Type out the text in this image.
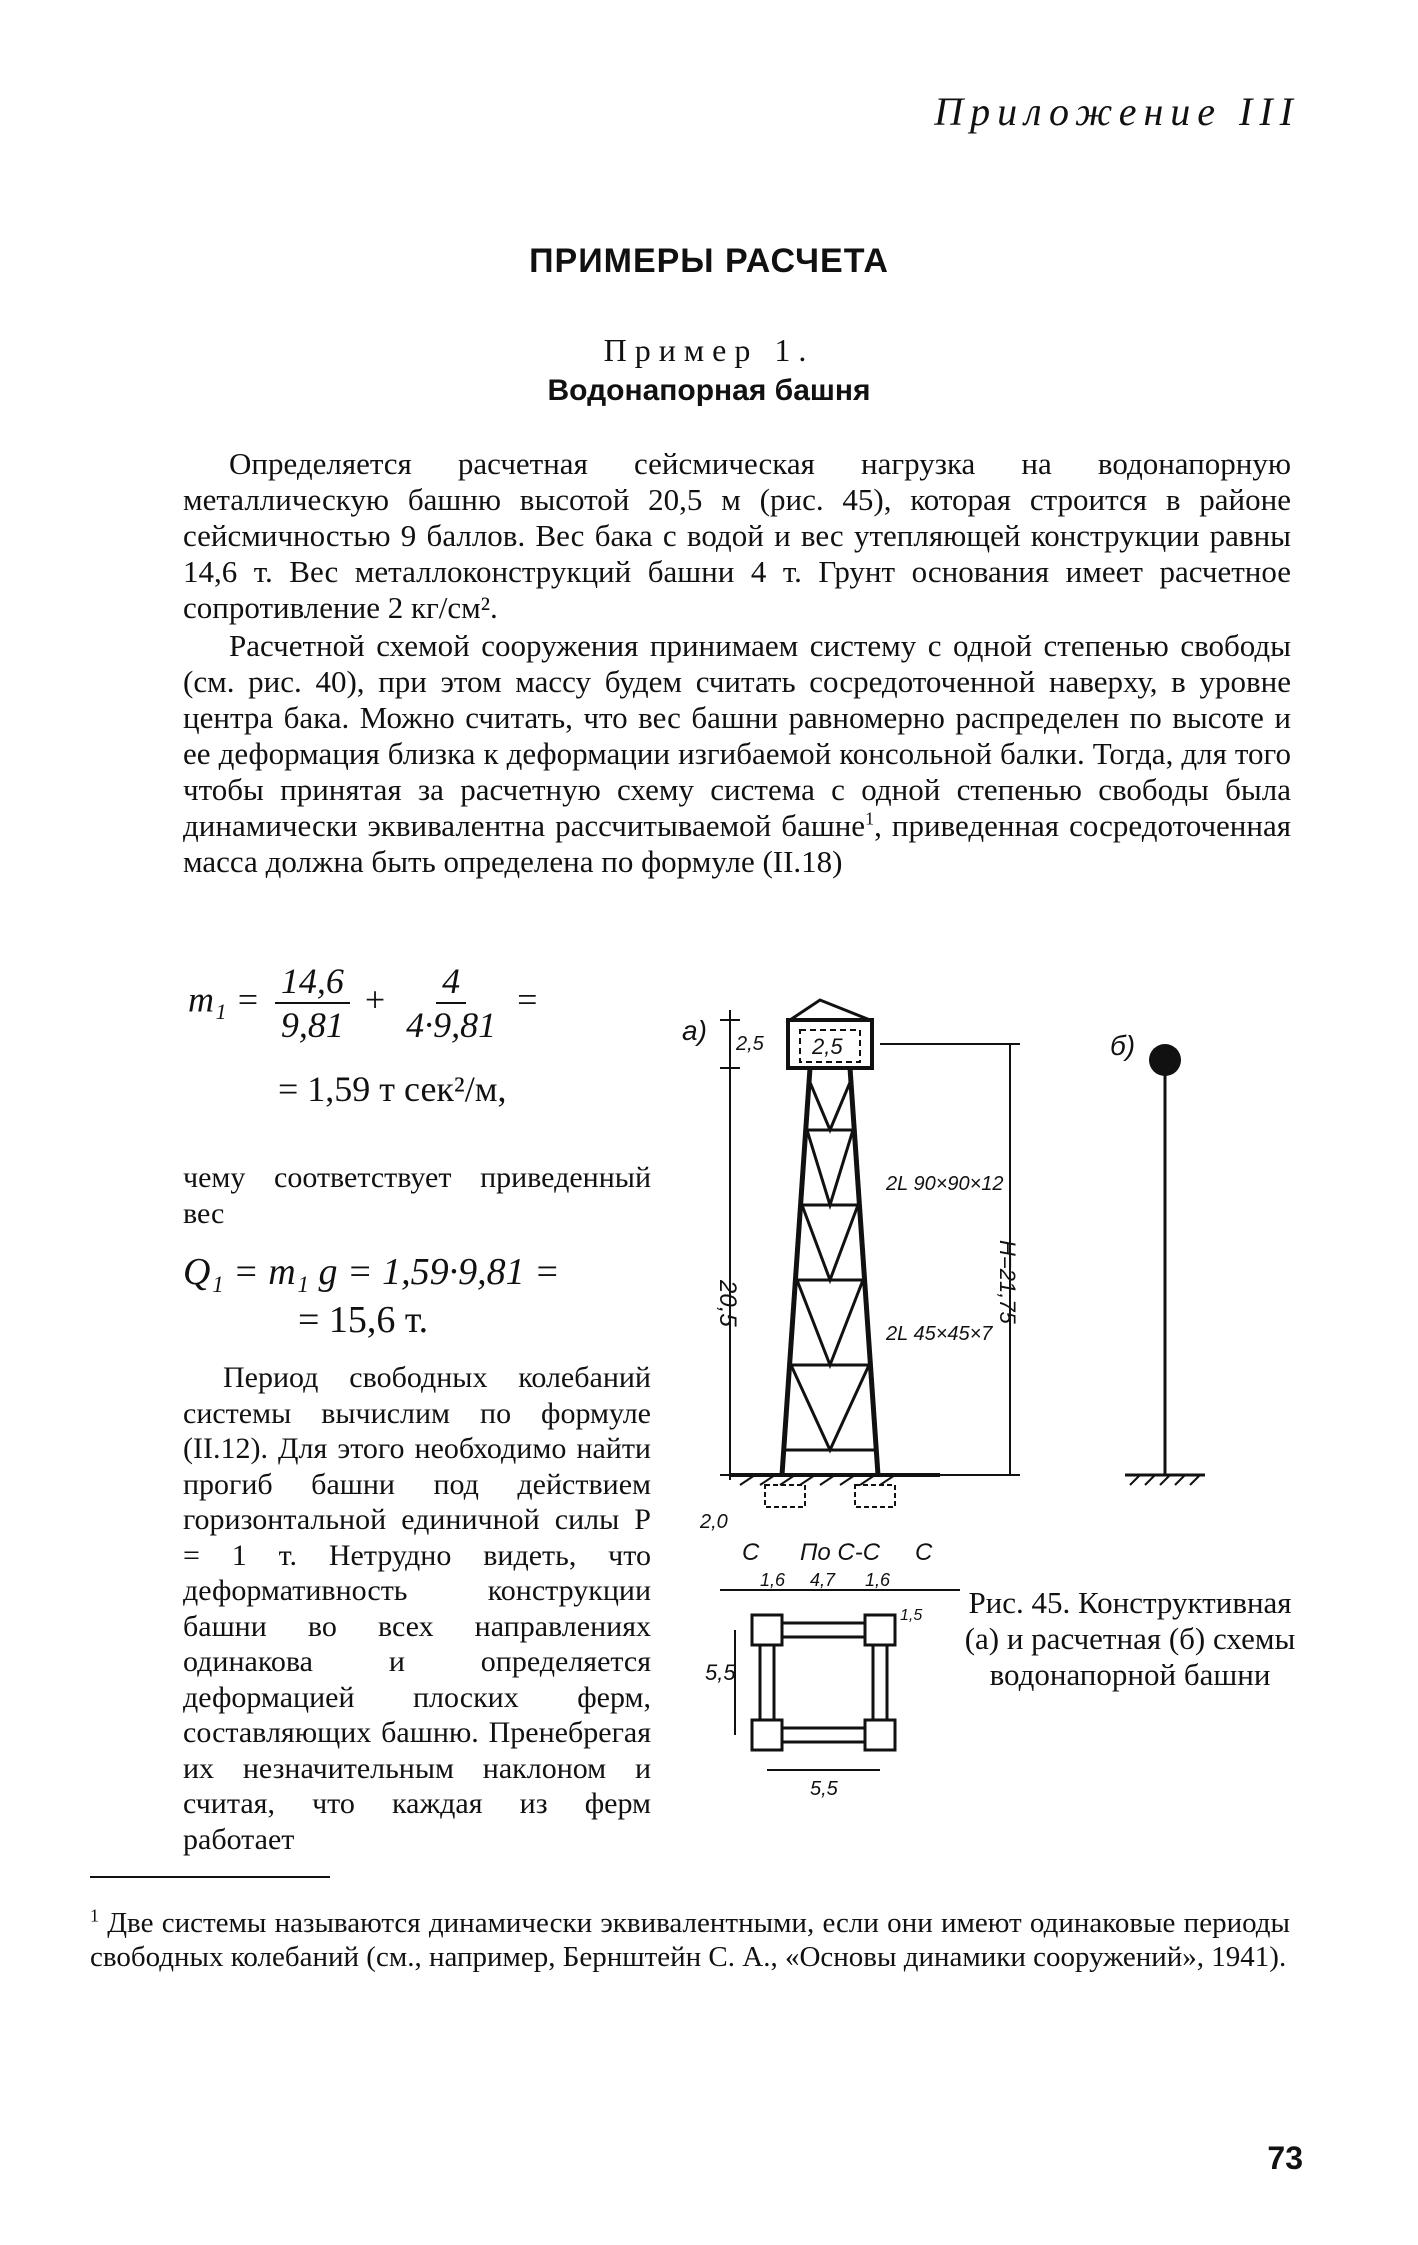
Приложение III
ПРИМЕРЫ РАСЧЕТА
Пример 1.
Водонапорная башня
Определяется расчетная сейсмическая нагрузка на водонапорную металлическую башню высотой 20,5 м (рис. 45), которая строится в районе сейсмичностью 9 баллов. Вес бака с водой и вес утепляющей конструкции равны 14,6 т. Вес металлоконструкций башни 4 т. Грунт основания имеет расчетное сопротивление 2 кг/см².
Расчетной схемой сооружения принимаем систему с одной степенью свободы (см. рис. 40), при этом массу будем считать сосредоточенной наверху, в уровне центра бака. Можно считать, что вес башни равномерно распределен по высоте и ее деформация близка к деформации изгибаемой консольной балки. Тогда, для того чтобы принятая за расчетную схему система с одной степенью свободы была динамически эквивалентна рассчитываемой башне$^1$, приведенная сосредоточенная масса должна быть определена по формуле (II.18)
$m_1 = \frac{14,6}{9,81} + \frac{4}{4\cdot 9,81}$ =
= 1,59 т сек²/м,
чему соответствует приведенный вес
Q₁ = m₁ g = 1,59·9,81 =
= 15,6 т.
Период свободных колебаний системы вычислим по формуле (II.12). Для этого необходимо найти прогиб башни под действием горизонтальной единичной силы P = 1 т. Нетрудно видеть, что деформативность конструкции башни во всех направлениях одинакова и определяется деформацией плоских ферм, составляющих башню. Пренебрегая их незначительным наклоном и считая, что каждая из ферм работает
а)	б)
2,5 2,5
20,5	H=21,75
2L 90×90×12
2L 45×45×7
2,0
По С-С
С	С
1,6 4,7 1,6
1,5
5,5
5,5
Рис. 45. Конструктивная (а) и расчетная (б) схемы водонапорной башни
$^1$ Две системы называются динамически эквивалентными, если они имеют одинаковые периоды свободных колебаний (см., например, Бернштейн С. А., «Основы динамики сооружений», 1941).
73
